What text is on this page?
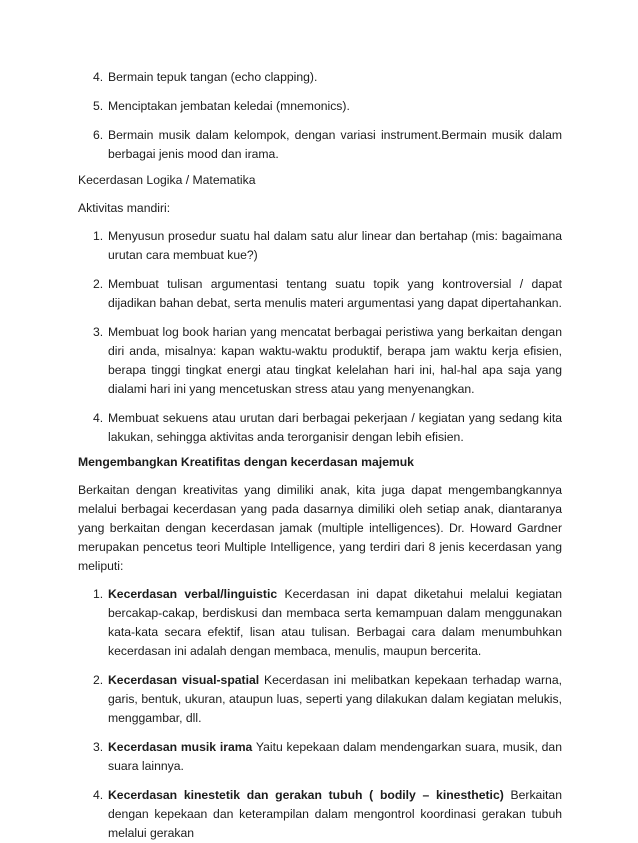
4. Bermain tepuk tangan (echo clapping).
5. Menciptakan jembatan keledai (mnemonics).
6. Bermain musik dalam kelompok, dengan variasi instrument.Bermain musik dalam berbagai jenis mood dan irama.

Kecerdasan Logika / Matematika

Aktivitas mandiri:

1. Menyusun prosedur suatu hal dalam satu alur linear dan bertahap (mis: bagaimana urutan cara membuat kue?)
2. Membuat tulisan argumentasi tentang suatu topik yang kontroversial / dapat dijadikan bahan debat, serta menulis materi argumentasi yang dapat dipertahankan.
3. Membuat log book harian yang mencatat berbagai peristiwa yang berkaitan dengan diri anda, misalnya: kapan waktu-waktu produktif, berapa jam waktu kerja efisien, berapa tinggi tingkat energi atau tingkat kelelahan hari ini, hal-hal apa saja yang dialami hari ini yang mencetuskan stress atau yang menyenangkan.
4. Membuat sekuens atau urutan dari berbagai pekerjaan / kegiatan yang sedang kita lakukan, sehingga aktivitas anda terorganisir dengan lebih efisien.

Mengembangkan Kreatifitas dengan kecerdasan majemuk

Berkaitan dengan kreativitas yang dimiliki anak, kita juga dapat mengembangkannya melalui berbagai kecerdasan yang pada dasarnya dimiliki oleh setiap anak, diantaranya yang berkaitan dengan kecerdasan jamak (multiple intelligences). Dr. Howard Gardner merupakan pencetus teori Multiple Intelligence, yang terdiri dari 8 jenis kecerdasan yang meliputi:

1. Kecerdasan verbal/linguistic Kecerdasan ini dapat diketahui melalui kegiatan bercakap-cakap, berdiskusi dan membaca serta kemampuan dalam menggunakan kata-kata secara efektif, lisan atau tulisan. Berbagai cara dalam menumbuhkan kecerdasan ini adalah dengan membaca, menulis, maupun bercerita.
2. Kecerdasan visual-spatial Kecerdasan ini melibatkan kepekaan terhadap warna, garis, bentuk, ukuran, ataupun luas, seperti yang dilakukan dalam kegiatan melukis, menggambar, dll.
3. Kecerdasan musik irama Yaitu kepekaan dalam mendengarkan suara, musik, dan suara lainnya.
4. Kecerdasan kinestetik dan gerakan tubuh ( bodily – kinesthetic) Berkaitan dengan kepekaan dan keterampilan dalam mengontrol koordinasi gerakan tubuh melalui gerakan
